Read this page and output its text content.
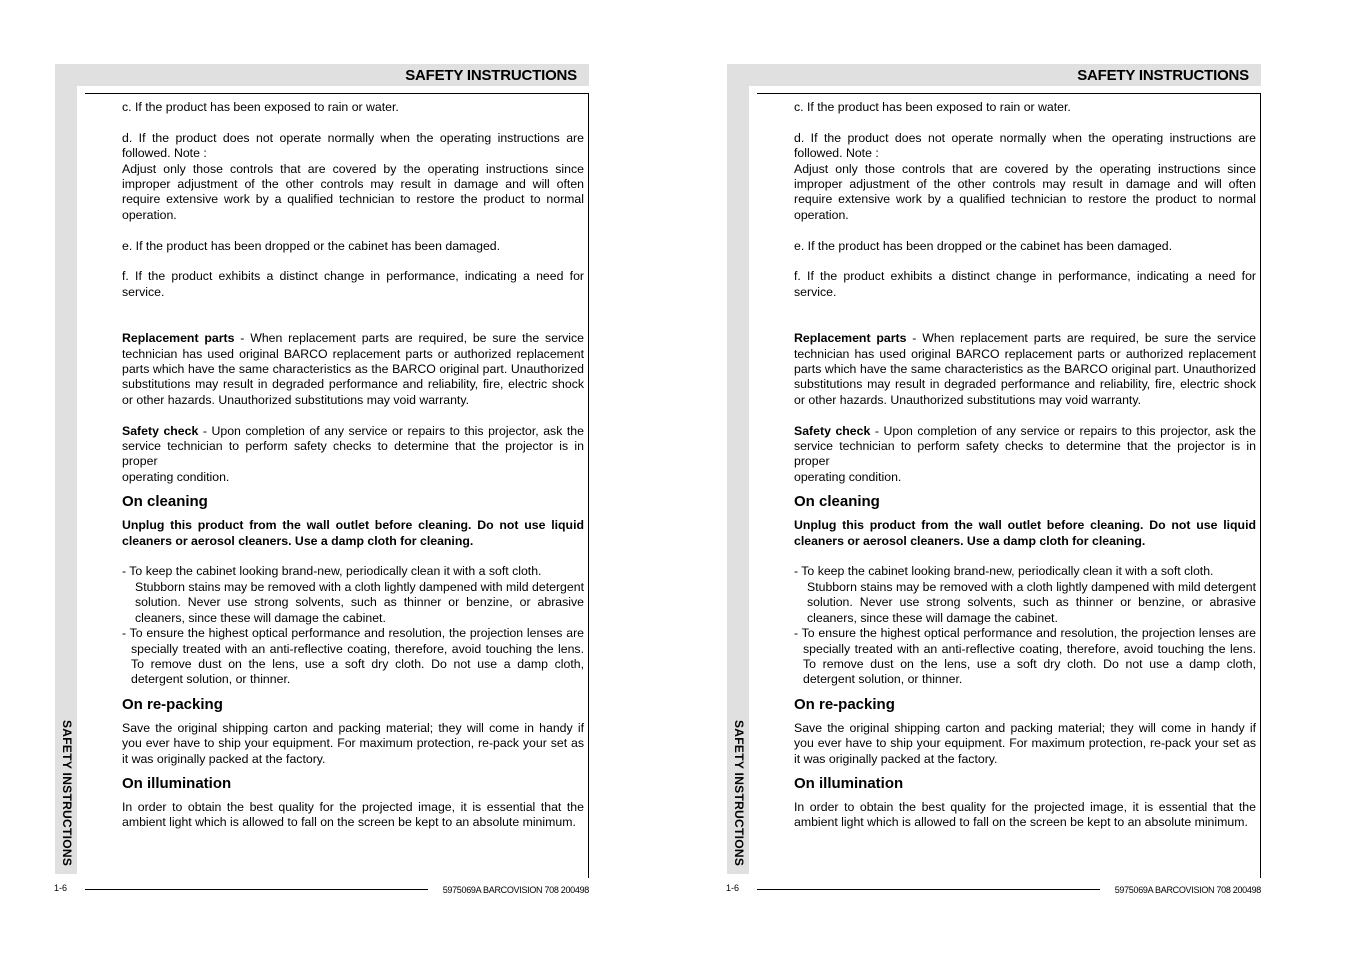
SAFETY INSTRUCTIONS
SAFETY INSTRUCTIONS

c. If the product has been exposed to rain or water.

d. If the product does not operate normally when the operating instructions are followed. Note :

Adjust only those controls that are covered by the operating instructions since improper adjustment of the other controls may result in damage and will often require extensive work by a qualified technician to restore the product to normal operation.

e. If the product has been dropped or the cabinet has been damaged.

f. If the product exhibits a distinct change in performance, indicating a need for service.

Replacement parts - When replacement parts are required, be sure the service technician has used original BARCO replacement parts or authorized replacement parts which have the same characteristics as the BARCO original part. Unauthorized substitutions may result in degraded performance and reliability, fire, electric shock or other hazards. Unauthorized substitutions may void warranty.

Safety check - Upon completion of any service or repairs to this projector, ask the service technician to perform safety checks to determine that the projector is in proper

operating condition.

On cleaning

Unplug this product from the wall outlet before cleaning. Do not use liquid cleaners or aerosol cleaners. Use a damp cloth for cleaning.

- To keep the cabinet looking brand-new, periodically clean it with a soft cloth.

Stubborn stains may be removed with a cloth lightly dampened with mild detergent solution. Never use strong solvents, such as thinner or benzine, or abrasive cleaners, since these will damage the cabinet.

- To ensure the highest optical performance and resolution, the projection lenses are specially treated with an anti-reflective coating, therefore, avoid touching the lens. To remove dust on the lens, use a soft dry cloth. Do not use a damp cloth, detergent solution, or thinner.

On re-packing

Save the original shipping carton and packing material; they will come in handy if you ever have to ship your equipment. For maximum protection, re-pack your set as it was originally packed at the factory.

On illumination

In order to obtain the best quality for the projected image, it is essential that the ambient light which is allowed to fall on the screen be kept to an absolute minimum.

1-6	5975069A BARCOVISION 708 200498
SAFETY INSTRUCTIONS
SAFETY INSTRUCTIONS

c. If the product has been exposed to rain or water.

d. If the product does not operate normally when the operating instructions are followed. Note :

Adjust only those controls that are covered by the operating instructions since improper adjustment of the other controls may result in damage and will often require extensive work by a qualified technician to restore the product to normal operation.

e. If the product has been dropped or the cabinet has been damaged.

f. If the product exhibits a distinct change in performance, indicating a need for service.

Replacement parts - When replacement parts are required, be sure the service technician has used original BARCO replacement parts or authorized replacement parts which have the same characteristics as the BARCO original part. Unauthorized substitutions may result in degraded performance and reliability, fire, electric shock or other hazards. Unauthorized substitutions may void warranty.

Safety check - Upon completion of any service or repairs to this projector, ask the service technician to perform safety checks to determine that the projector is in proper

operating condition.

On cleaning

Unplug this product from the wall outlet before cleaning. Do not use liquid cleaners or aerosol cleaners. Use a damp cloth for cleaning.

- To keep the cabinet looking brand-new, periodically clean it with a soft cloth.

Stubborn stains may be removed with a cloth lightly dampened with mild detergent solution. Never use strong solvents, such as thinner or benzine, or abrasive cleaners, since these will damage the cabinet.

- To ensure the highest optical performance and resolution, the projection lenses are specially treated with an anti-reflective coating, therefore, avoid touching the lens. To remove dust on the lens, use a soft dry cloth. Do not use a damp cloth, detergent solution, or thinner.

On re-packing

Save the original shipping carton and packing material; they will come in handy if you ever have to ship your equipment. For maximum protection, re-pack your set as it was originally packed at the factory.

On illumination

In order to obtain the best quality for the projected image, it is essential that the ambient light which is allowed to fall on the screen be kept to an absolute minimum.

1-6	5975069A BARCOVISION 708 200498
